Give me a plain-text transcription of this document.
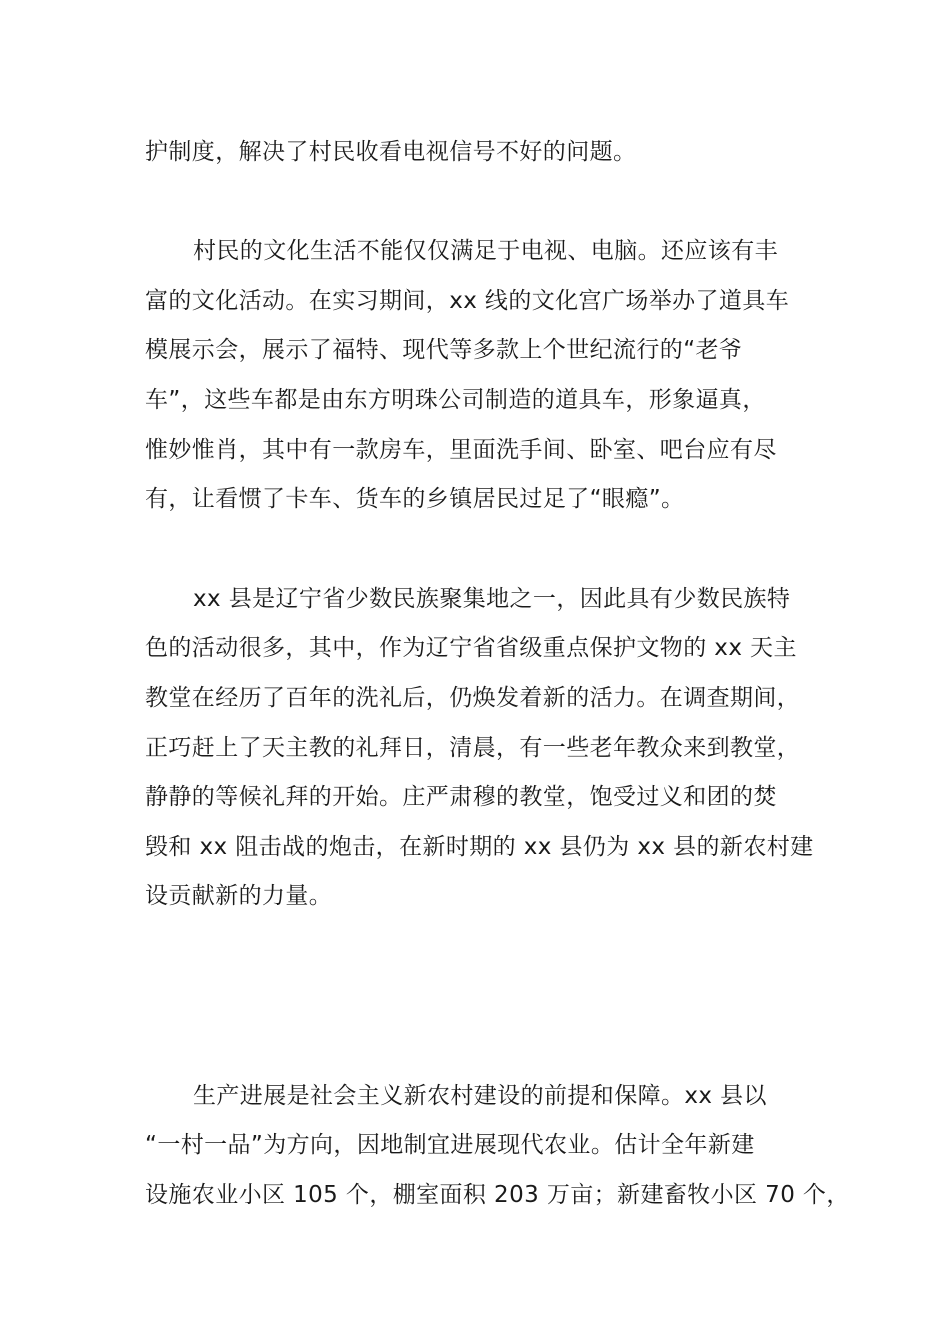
护制度，解决了村民收看电视信号不好的问题。
村民的文化生活不能仅仅满足于电视、电脑。还应该有丰
富的文化活动。在实习期间，xx 线的文化宫广场举办了道具车
模展示会，展示了福特、现代等多款上个世纪流行的“老爷
车”，这些车都是由东方明珠公司制造的道具车，形象逼真，
惟妙惟肖，其中有一款房车，里面洗手间、卧室、吧台应有尽
有，让看惯了卡车、货车的乡镇居民过足了“眼瘾”。
xx 县是辽宁省少数民族聚集地之一，因此具有少数民族特
色的活动很多，其中，作为辽宁省省级重点保护文物的 xx 天主
教堂在经历了百年的洗礼后，仍焕发着新的活力。在调查期间，
正巧赶上了天主教的礼拜日，清晨，有一些老年教众来到教堂，
静静的等候礼拜的开始。庄严肃穆的教堂，饱受过义和团的焚
毁和 xx 阻击战的炮击，在新时期的 xx 县仍为 xx 县的新农村建
设贡献新的力量。
生产进展是社会主义新农村建设的前提和保障。xx 县以
“一村一品”为方向，因地制宜进展现代农业。估计全年新建
设施农业小区 105 个，棚室面积 203 万亩；新建畜牧小区 70 个，
